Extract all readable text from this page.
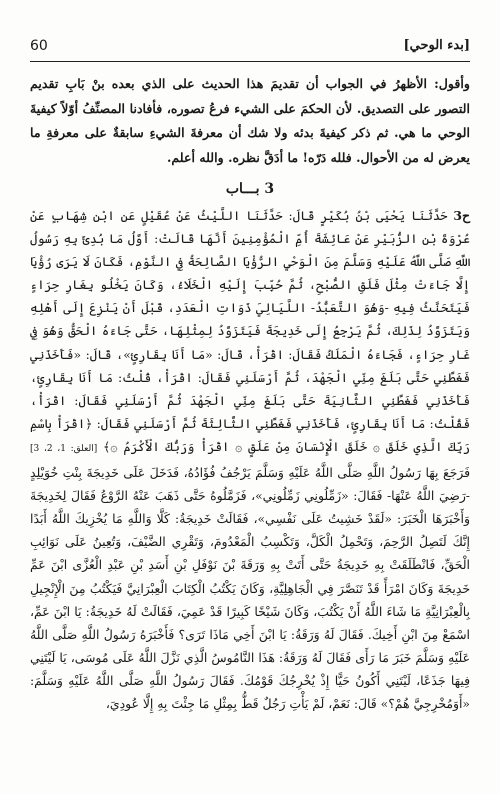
60	[بدء الوحي]

وأقول: الأظهرُ في الجواب أن تقديمَ هذا الحديث على الذي بعده بنْ بَابِ تقديم التصور على التصديق. لأن الحكمَ على الشيء فرعُ تصوره، فأفادنا المصنِّفُ أوّلاً كيفيةَ الوحي ما هي. ثم ذكر كيفيةَ بدئه ولا شك أن معرفةَ الشيءِ سابقةٌ على معرفةِ ما يعرض له من الأحوال. فلله دَرّه! ما أدَقَّ نظره. والله أعلم.

3 بـــاب

ح3 حَدَّثَنَا يَحْيَى بْنُ بُكَيْرٍ قَالَ: حَدَّثَنَا اللَّيْثُ عَنْ عُقَيْلٍ عَنِ ابْنِ شِهَابٍ عَنْ عُرْوَةَ بْنِ الزُّبَيْرِ عَنْ عَائِشَةَ أُمِّ الْمُؤْمِنِينَ أَنَّهَا قَالَتْ: أَوَّلُ مَا بُدِئَ بِهِ رَسُولُ اللَّهِ صَلَّى اللَّهُ عَلَيْهِ وَسَلَّمَ مِنَ الْوَحْيِ الرُّؤْيَا الصَّالِحَةُ فِي النَّوْمِ، فَكَانَ لَا يَرَى رُؤْيَا إِلَّا جَاءَتْ مِثْلَ فَلَقِ الصُّبْحِ، ثُمَّ حُبِّبَ إِلَيْهِ الْخَلَاءُ، وَكَانَ يَخْلُو بِغَارِ حِرَاءٍ فَيَتَحَنَّثُ فِيهِ -وَهُوَ التَّعَبُّدُ- اللَّيَالِيَ ذَوَاتِ الْعَدَدِ، قَبْلَ أَنْ يَنْزِعَ إِلَى أَهْلِهِ وَيَتَزَوَّدُ لِذَلِكَ، ثُمَّ يَرْجِعُ إِلَى خَدِيجَةَ فَيَتَزَوَّدُ لِمِثْلِهَا، حَتَّى جَاءَهُ الْحَقُّ وَهُوَ فِي غَارِ حِرَاءٍ، فَجَاءَهُ الْمَلَكُ فَقَالَ: اقْرَأْ، قَالَ: «مَا أَنَا بِقَارِئٍ»، قَالَ: «فَأَخَذَنِي فَغَطَّنِي حَتَّى بَلَغَ مِنِّي الْجَهْدَ، ثُمَّ أَرْسَلَنِي فَقَالَ: اقْرَأْ، قُلْتُ: مَا أَنَا بِقَارِئٍ، فَأَخَذَنِي فَغَطَّنِي الثَّانِيَةَ حَتَّى بَلَغَ مِنِّي الْجَهْدَ ثُمَّ أَرْسَلَنِي فَقَالَ: اقْرَأْ، فَقُلْتُ: مَا أَنَا بِقَارِئٍ، فَأَخَذَنِي فَغَطَّنِي الثَّالِثَةَ ثُمَّ أَرْسَلَنِي فَقَالَ: ﴿اقْرَأْ بِاسْمِ رَبِّكَ الَّذِي خَلَقَ ۞ خَلَقَ الْإِنْسَانَ مِنْ عَلَقٍ ۞ اقْرَأْ وَرَبُّكَ الْأَكْرَمُ ۞﴾ [العلق: 1، 2، 3] فَرَجَعَ بِهَا رَسُولُ اللَّهِ صَلَّى اللَّهُ عَلَيْهِ وَسَلَّمَ يَرْجُفُ فُؤَادُهُ، فَدَخَلَ عَلَى خَدِيجَةَ بِنْتِ خُوَيْلِدٍ -رَضِيَ اللَّهُ عَنْهَا- فَقَالَ: «زَمِّلُونِي زَمِّلُونِي»، فَزَمَّلُوهُ حَتَّى ذَهَبَ عَنْهُ الرَّوْعُ فَقَالَ لِخَدِيجَةَ وَأَخْبَرَهَا الْخَبَرَ: «لَقَدْ خَشِيتُ عَلَى نَفْسِي»، فَقَالَتْ خَدِيجَةُ: كَلَّا وَاللَّهِ مَا يُخْزِيكَ اللَّهُ أَبَدًا إِنَّكَ لَتَصِلُ الرَّحِمَ، وَتَحْمِلُ الْكَلَّ، وَتَكْسِبُ الْمَعْدُومَ، وَتَقْرِي الضَّيْفَ، وَتُعِينُ عَلَى نَوَائِبِ الْحَقِّ، فَانْطَلَقَتْ بِهِ خَدِيجَةُ حَتَّى أَتَتْ بِهِ وَرَقَةَ بْنَ نَوْفَلِ بْنِ أَسَدِ بْنِ عَبْدِ الْعُزَّى ابْنَ عَمِّ خَدِيجَةَ وَكَانَ امْرَأً قَدْ تَنَصَّرَ فِي الْجَاهِلِيَّةِ، وَكَانَ يَكْتُبُ الْكِتَابَ الْعِبْرَانِيَّ فَيَكْتُبُ مِنَ الْإِنْجِيلِ بِالْعِبْرَانِيَّةِ مَا شَاءَ اللَّهُ أَنْ يَكْتُبَ، وَكَانَ شَيْخًا كَبِيرًا قَدْ عَمِيَ، فَقَالَتْ لَهُ خَدِيجَةُ: يَا ابْنَ عَمِّ، اسْمَعْ مِنَ ابْنِ أَخِيكَ. فَقَالَ لَهُ وَرَقَةُ: يَا ابْنَ أَخِي مَاذَا تَرَى؟ فَأَخْبَرَهُ رَسُولُ اللَّهِ صَلَّى اللَّهُ عَلَيْهِ وَسَلَّمَ خَبَرَ مَا رَأَى فَقَالَ لَهُ وَرَقَةُ: هَذَا النَّامُوسُ الَّذِي نَزَّلَ اللَّهُ عَلَى مُوسَى، يَا لَيْتَنِي فِيهَا جَذَعًا، لَيْتَنِي أَكُونُ حَيًّا إِذْ يُخْرِجُكَ قَوْمُكَ. فَقَالَ رَسُولُ اللَّهِ صَلَّى اللَّهُ عَلَيْهِ وَسَلَّمَ: «أَوَمُخْرِجِيَّ هُمْ؟» قَالَ: نَعَمْ، لَمْ يَأْتِ رَجُلٌ قَطُّ بِمِثْلِ مَا جِئْتَ بِهِ إِلَّا عُودِيَ،
